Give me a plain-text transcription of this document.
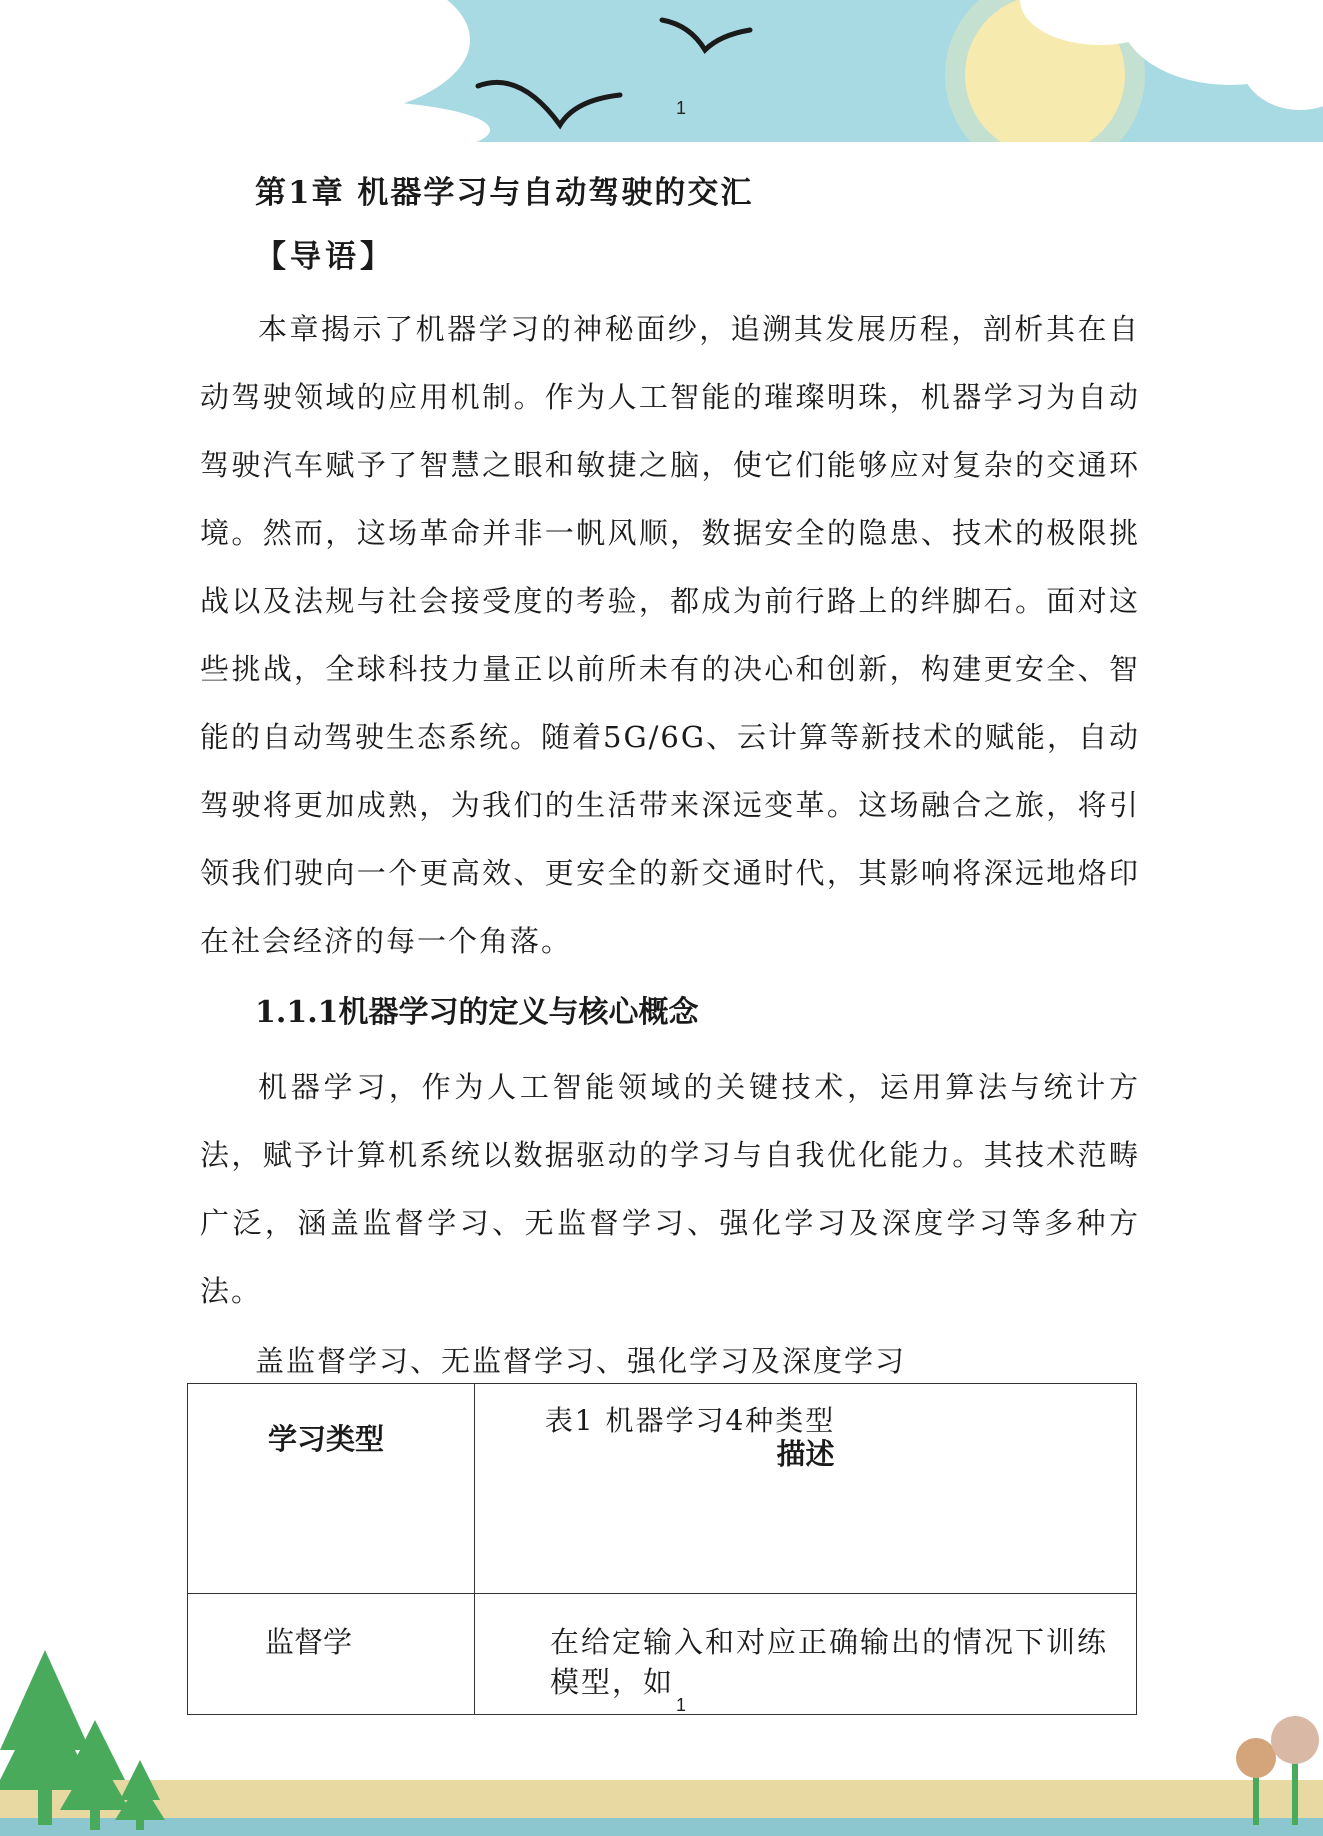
1
第1章 机器学习与自动驾驶的交汇
【导语】

本章揭示了机器学习的神秘面纱，追溯其发展历程，剖析其在自动驾驶领域的应用机制。作为人工智能的璀璨明珠，机器学习为自动驾驶汽车赋予了智慧之眼和敏捷之脑，使它们能够应对复杂的交通环境。然而，这场革命并非一帆风顺，数据安全的隐患、技术的极限挑战以及法规与社会接受度的考验，都成为前行路上的绊脚石。面对这些挑战，全球科技力量正以前所未有的决心和创新，构建更安全、智能的自动驾驶生态系统。随着5G/6G、云计算等新技术的赋能，自动驾驶将更加成熟，为我们的生活带来深远变革。这场融合之旅，将引领我们驶向一个更高效、更安全的新交通时代，其影响将深远地烙印在社会经济的每一个角落。

1.1.1机器学习的定义与核心概念

机器学习，作为人工智能领域的关键技术，运用算法与统计方法，赋予计算机系统以数据驱动的学习与自我优化能力。其技术范畴广泛，涵盖监督学习、无监督学习、强化学习及深度学习等多种方法。

盖监督学习、无监督学习、强化学习及深度学习
表1 机器学习4种类型
学习类型	描述
监督学	在给定输入和对应正确输出的情况下训练模型，如
1
